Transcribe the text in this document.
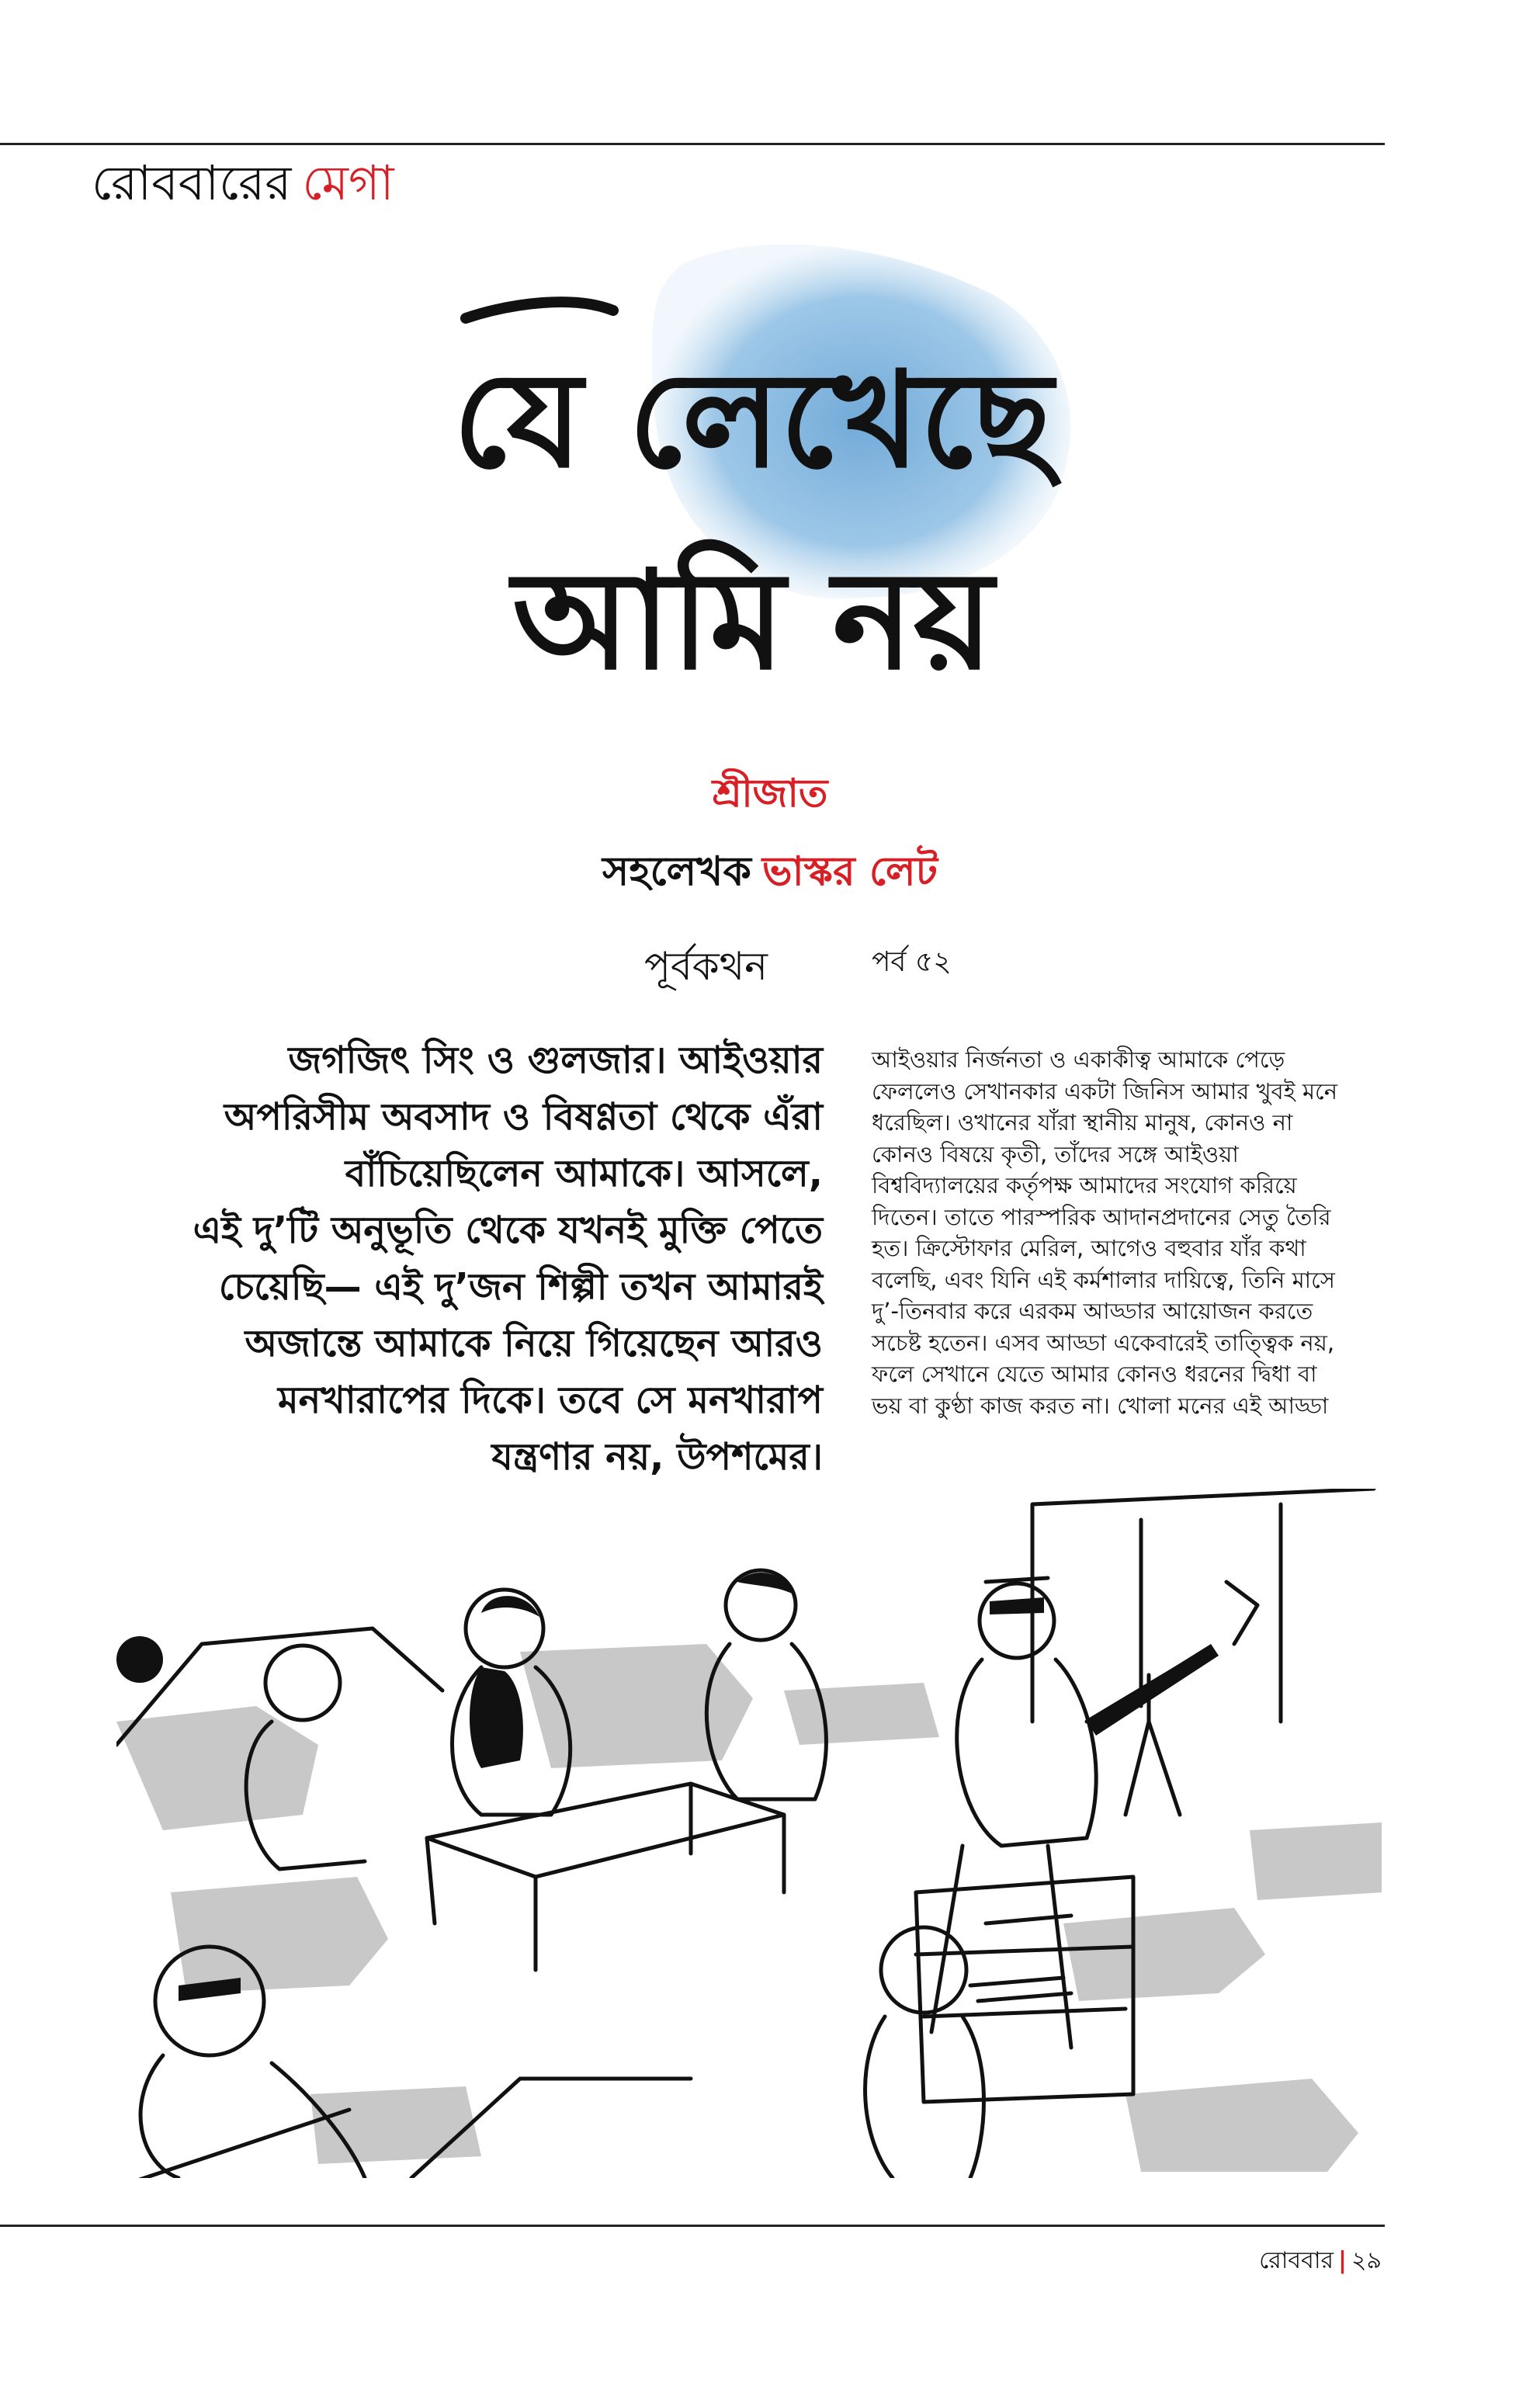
রোববারের মেগা
যে লেখেছে
আমি নয়
শ্রীজাত
সহলেখক ভাস্কর লেট
পূর্বকথন	পর্ব ৫২
জগজিৎ সিং ও গুলজার। আইওয়ার
অপরিসীম অবসাদ ও বিষণ্ণতা থেকে এঁরা
বাঁচিয়েছিলেন আমাকে। আসলে,
এই দু’টি অনুভূতি থেকে যখনই মুক্তি পেতে
চেয়েছি— এই দু’জন শিল্পী তখন আমারই
অজান্তে আমাকে নিয়ে গিয়েছেন আরও
মনখারাপের দিকে। তবে সে মনখারাপ
যন্ত্রণার নয়, উপশমের।
আইওয়ার নির্জনতা ও একাকীত্ব আমাকে পেড়ে
ফেললেও সেখানকার একটা জিনিস আমার খুবই মনে
ধরেছিল। ওখানের যাঁরা স্থানীয় মানুষ, কোনও না
কোনও বিষয়ে কৃতী, তাঁদের সঙ্গে আইওয়া
বিশ্ববিদ্যালয়ের কর্তৃপক্ষ আমাদের সংযোগ করিয়ে
দিতেন। তাতে পারস্পরিক আদানপ্রদানের সেতু তৈরি
হত। ক্রিস্টোফার মেরিল, আগেও বহুবার যাঁর কথা
বলেছি, এবং যিনি এই কর্মশালার দায়িত্বে, তিনি মাসে
দু’-তিনবার করে এরকম আড্ডার আয়োজন করতে
সচেষ্ট হতেন। এসব আড্ডা একেবারেই তাত্ত্বিক নয়,
ফলে সেখানে যেতে আমার কোনও ধরনের দ্বিধা বা
ভয় বা কুণ্ঠা কাজ করত না। খোলা মনের এই আড্ডা
রোববার | ২৯
